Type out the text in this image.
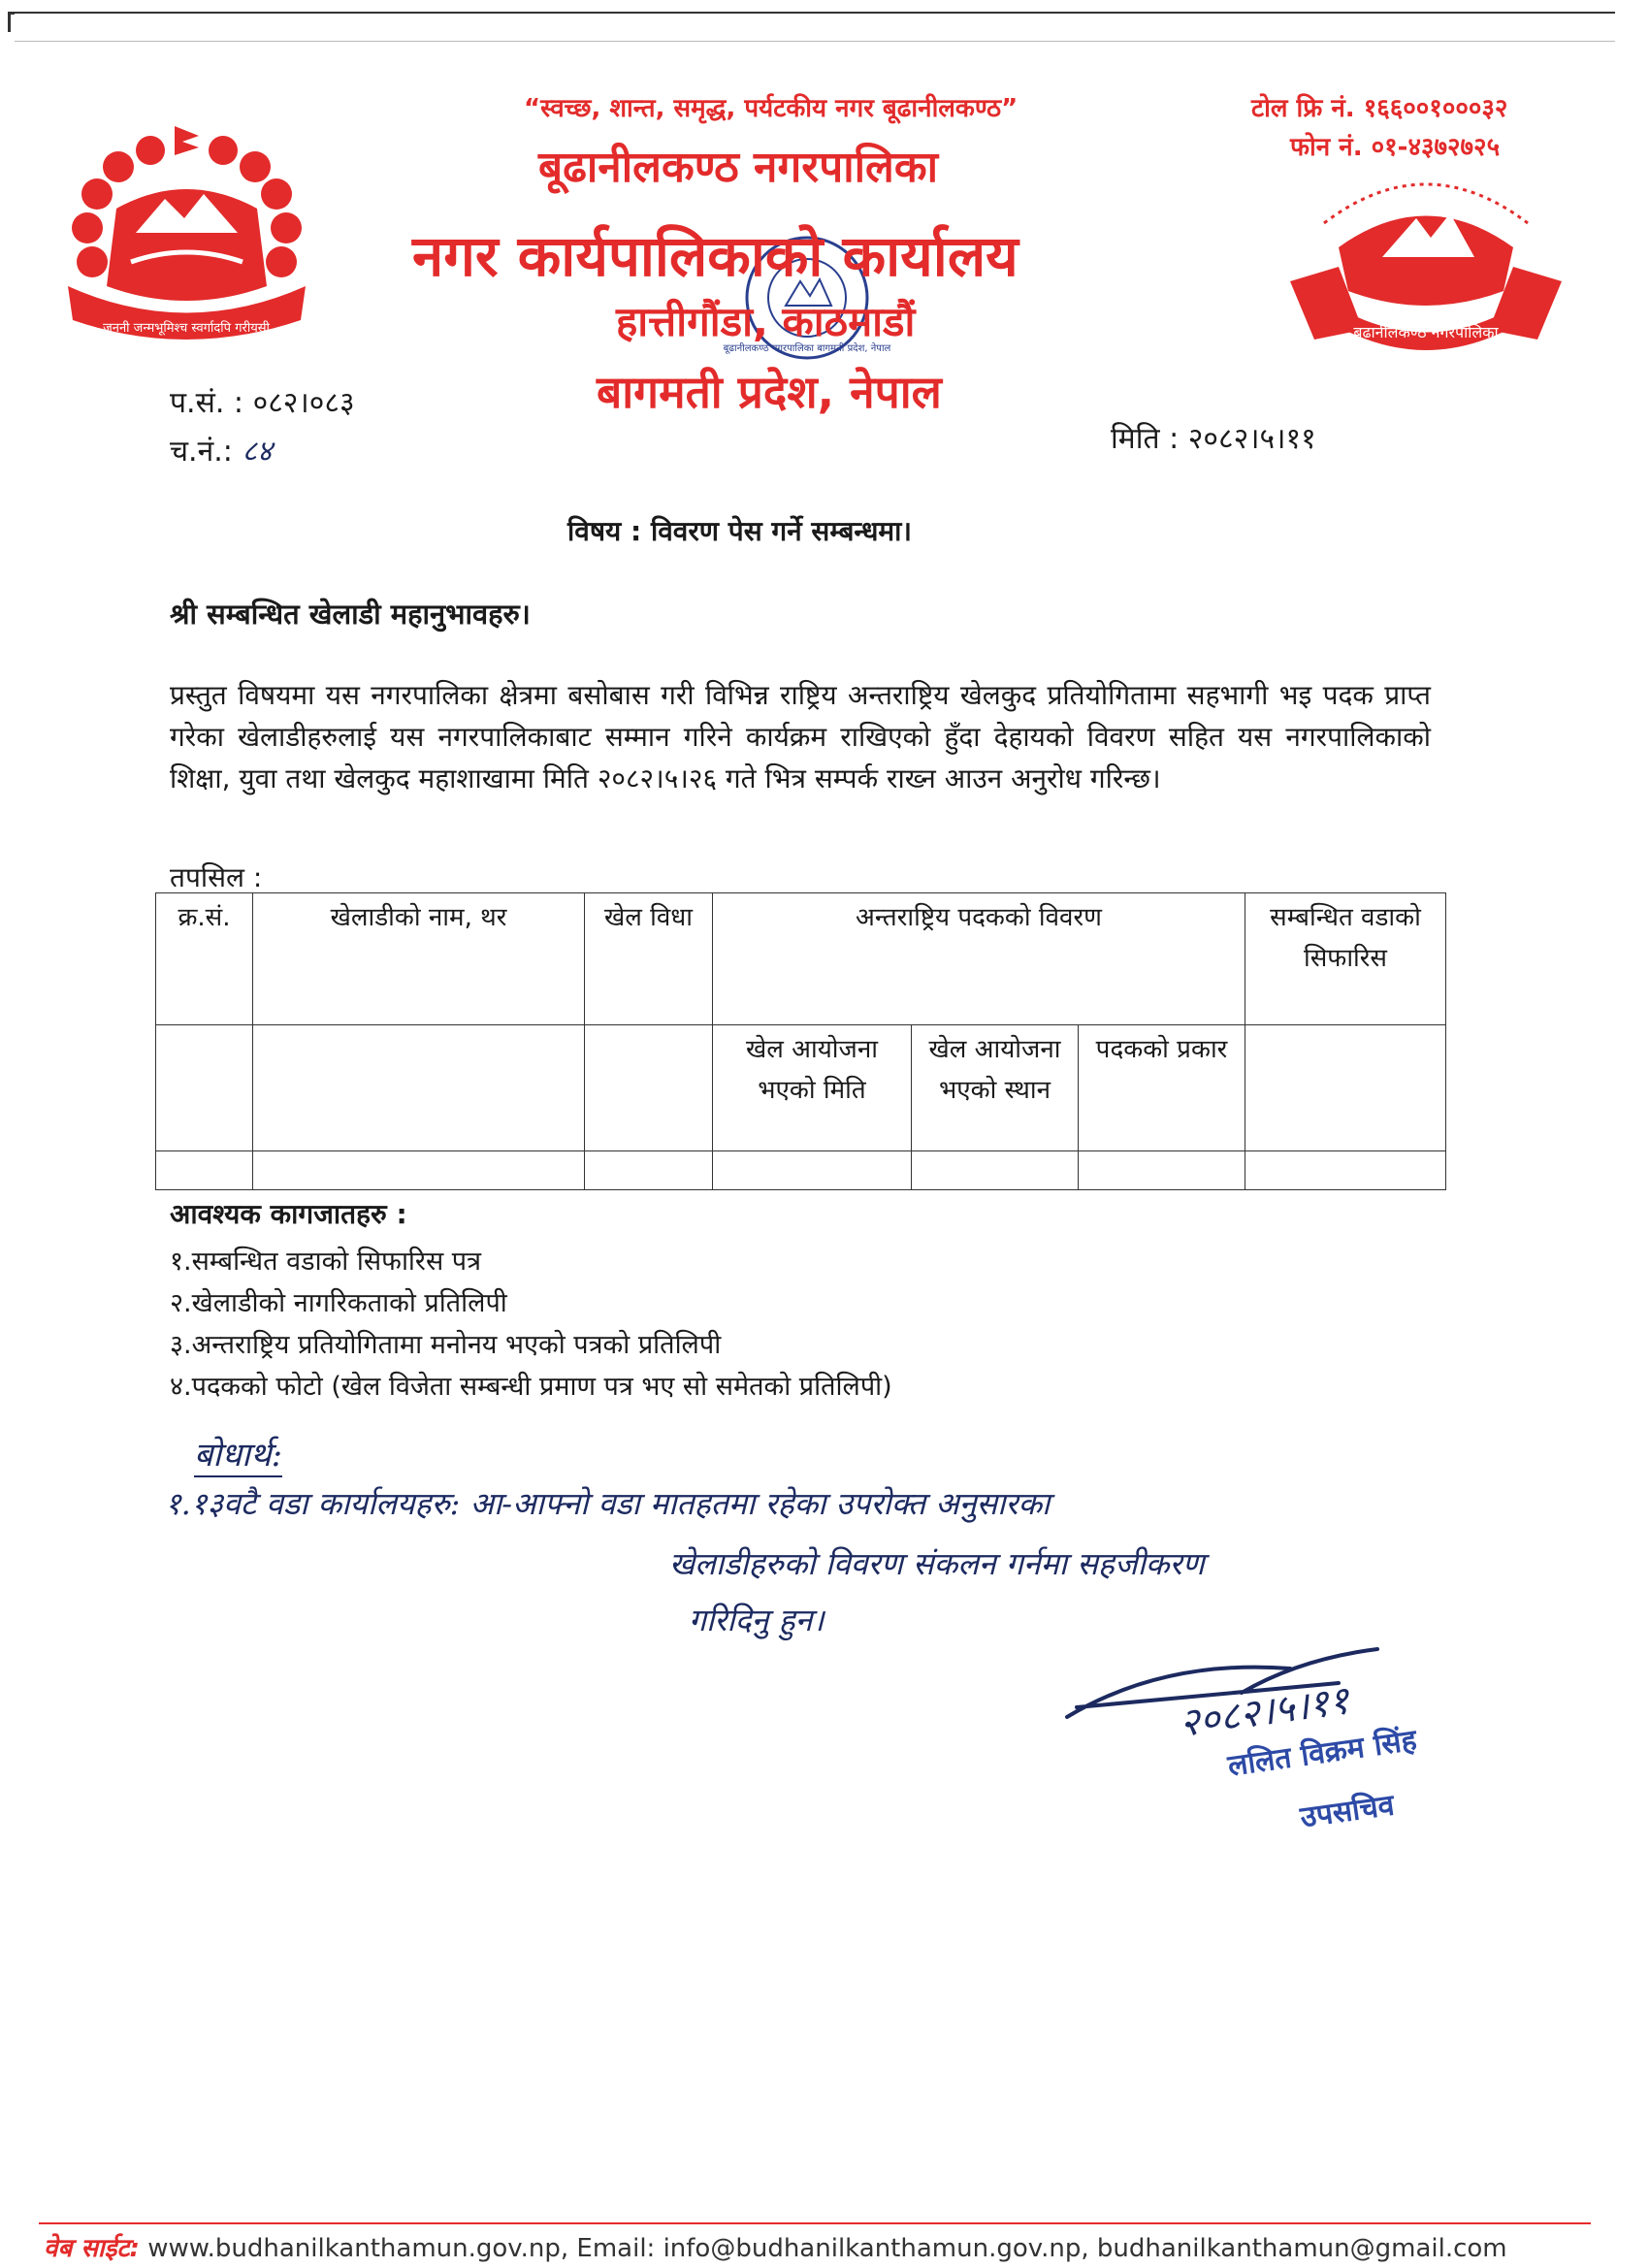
जननी जन्मभूमिश्च स्वर्गादपि गरीयसी	बूढानीलकण्ठ नगरपालिका
बूढानीलकण्ठ नगरपालिका बागमती प्रदेश, नेपाल
“स्वच्छ, शान्त, समृद्ध, पर्यटकीय नगर बूढानीलकण्ठ”
बूढानीलकण्ठ नगरपालिका
नगर कार्यपालिकाको कार्यालय
हात्तीगौंडा, काठमाडौं
बागमती प्रदेश, नेपाल
टोल फ्रि नं. १६६००१०००३२
फोन नं. ०१-४३७२७२५
प.सं. : ०८२।०८३
च.नं.: ८४	मिति : २०८२।५।११
विषय : विवरण पेस गर्ने सम्बन्धमा।
श्री सम्बन्धित खेलाडी महानुभावहरु।
प्रस्तुत विषयमा यस नगरपालिका क्षेत्रमा बसोबास गरी विभिन्न राष्ट्रिय अन्तराष्ट्रिय खेलकुद प्रतियोगितामा सहभागी भइ पदक प्राप्त गरेका खेलाडीहरुलाई यस नगरपालिकाबाट सम्मान गरिने कार्यक्रम राखिएको हुँदा देहायको विवरण सहित यस नगरपालिकाको शिक्षा, युवा तथा खेलकुद महाशाखामा मिति २०८२।५।२६ गते भित्र सम्पर्क राख्न आउन अनुरोध गरिन्छ।
तपसिल :
क्र.सं.	खेलाडीको नाम, थर	खेल विधा	अन्तराष्ट्रिय पदकको विवरण			सम्बन्धित वडाको सिफारिस
			खेल आयोजना भएको मिति	खेल आयोजना भएको स्थान	पदकको प्रकार	

आवश्यक कागजातहरु :
१.सम्बन्धित वडाको सिफारिस पत्र
२.खेलाडीको नागरिकताको प्रतिलिपी
३.अन्तराष्ट्रिय प्रतियोगितामा मनोनय भएको पत्रको प्रतिलिपी
४.पदकको फोटो (खेल विजेता सम्बन्धी प्रमाण पत्र भए सो समेतको प्रतिलिपी)
बोधार्थ:
१.१३वटै वडा कार्यालयहरु: आ-आफ्नो वडा मातहतमा रहेका उपरोक्त अनुसारका
खेलाडीहरुको विवरण संकलन गर्नमा सहजीकरण
गरिदिनु हुन।
२०८२।५।११
ललित विक्रम सिंह
उपसचिव
वेब साईट: www.budhanilkanthamun.gov.np, Email: info@budhanilkanthamun.gov.np, budhanilkanthamun@gmail.com
